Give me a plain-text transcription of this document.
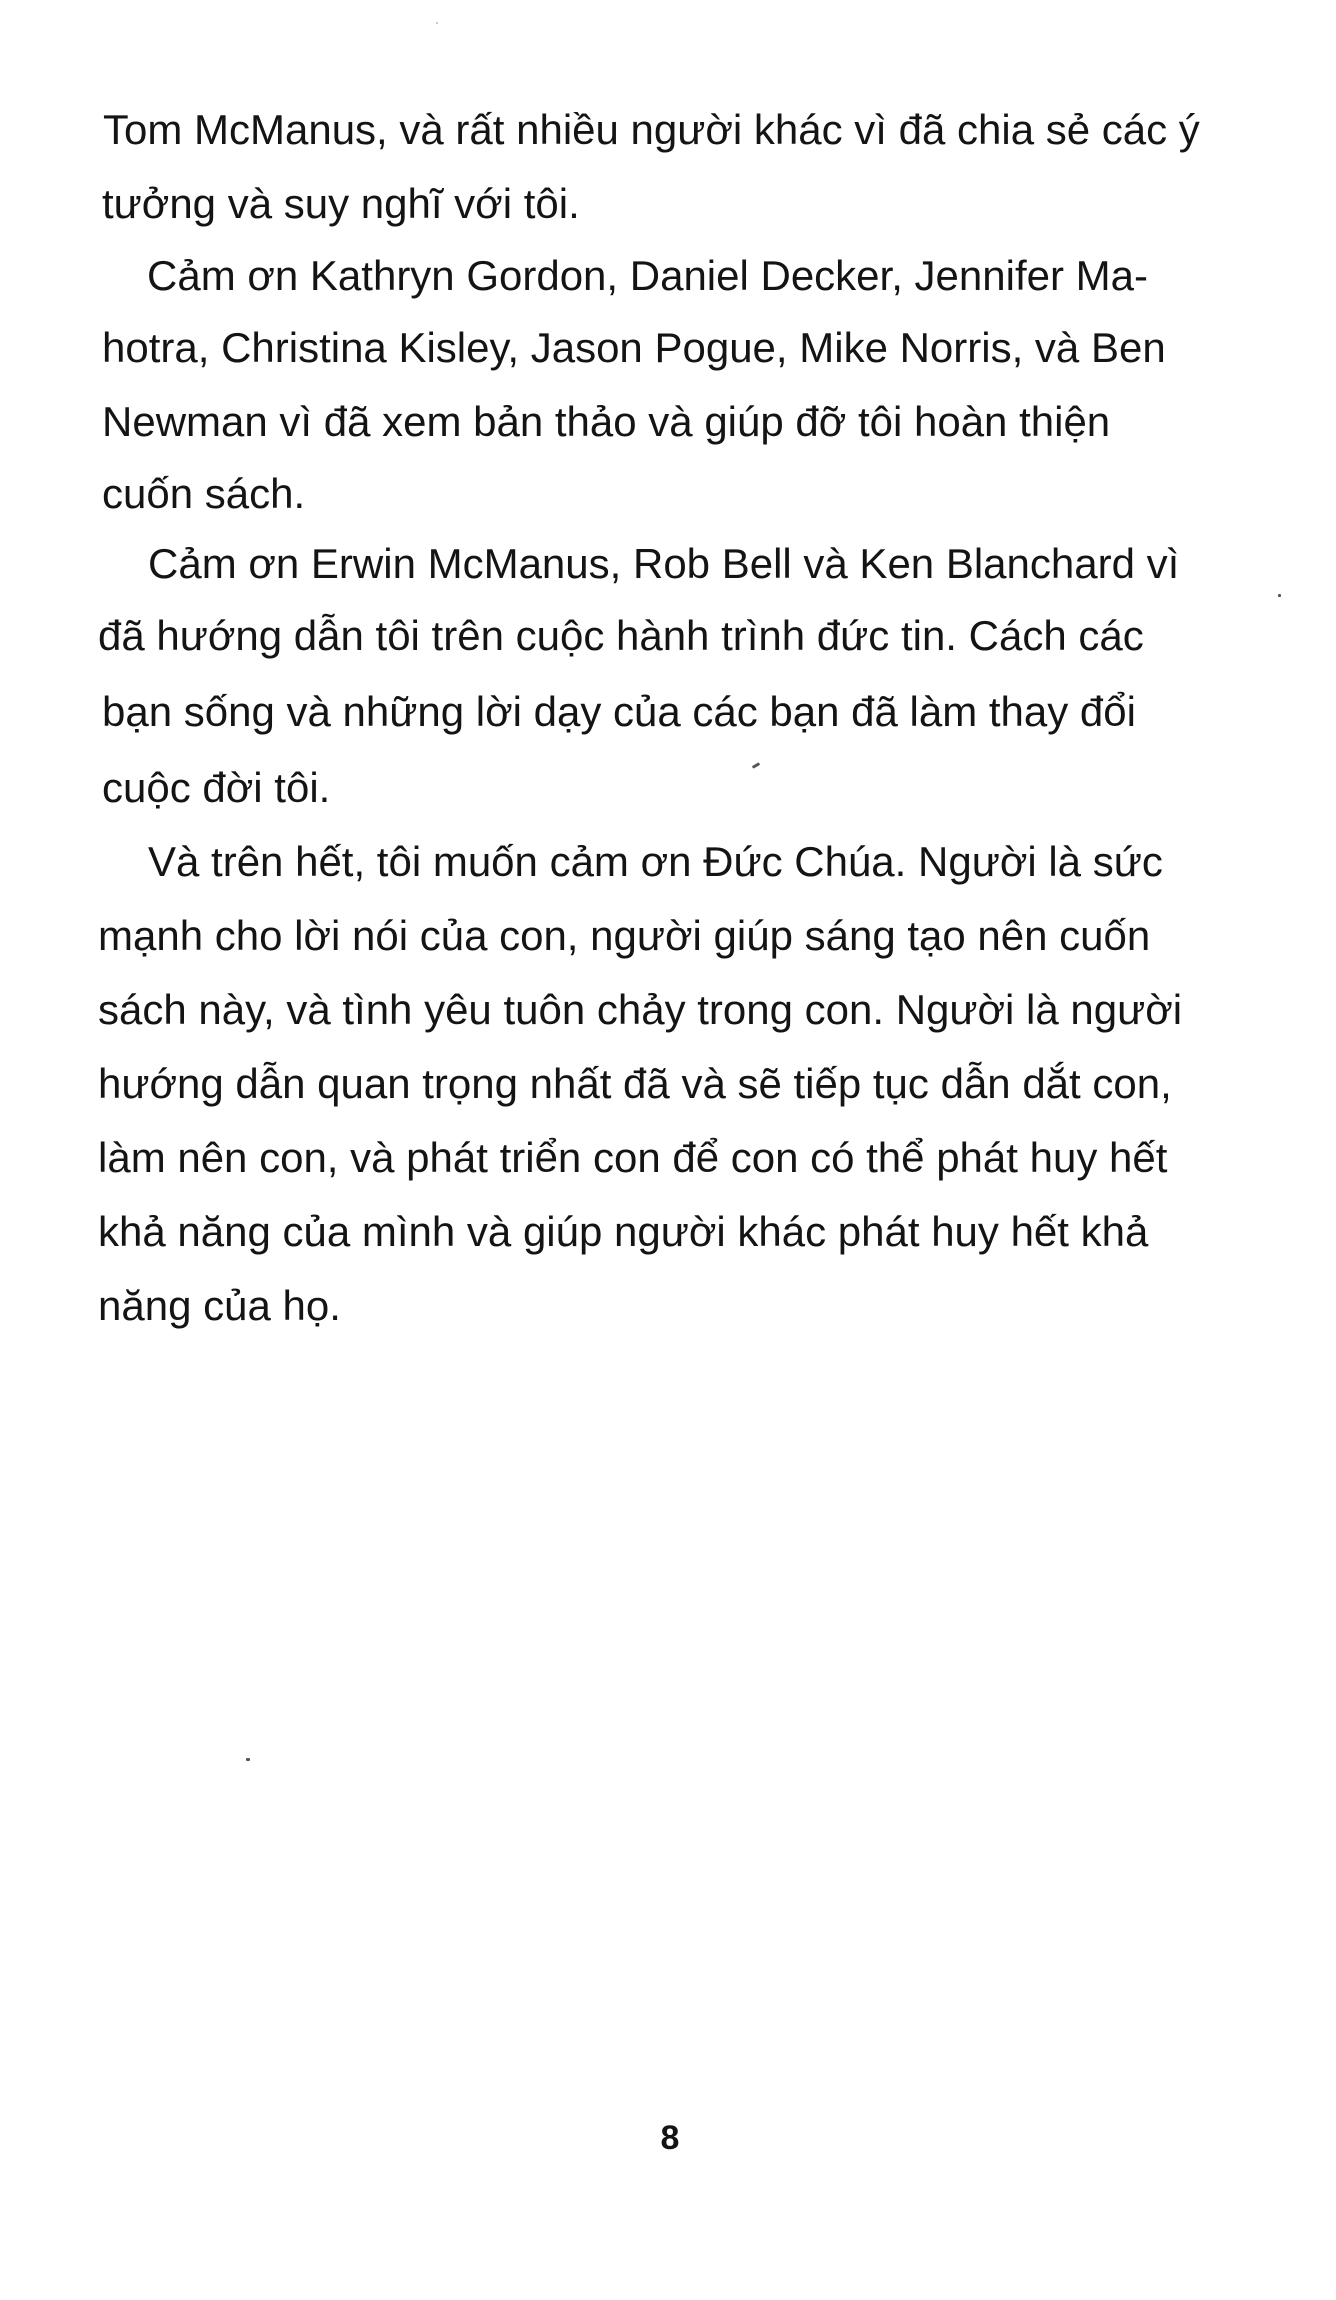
Tom McManus, và rất nhiều người khác vì đã chia sẻ các ý
tưởng và suy nghĩ với tôi.
Cảm ơn Kathryn Gordon, Daniel Decker, Jennifer Ma-
hotra, Christina Kisley, Jason Pogue, Mike Norris, và Ben
Newman vì đã xem bản thảo và giúp đỡ tôi hoàn thiện
cuốn sách.
Cảm ơn Erwin McManus, Rob Bell và Ken Blanchard vì
đã hướng dẫn tôi trên cuộc hành trình đức tin. Cách các
bạn sống và những lời dạy của các bạn đã làm thay đổi
cuộc đời tôi.
Và trên hết, tôi muốn cảm ơn Đức Chúa. Người là sức
mạnh cho lời nói của con, người giúp sáng tạo nên cuốn
sách này, và tình yêu tuôn chảy trong con. Người là người
hướng dẫn quan trọng nhất đã và sẽ tiếp tục dẫn dắt con,
làm nên con, và phát triển con để con có thể phát huy hết
khả năng của mình và giúp người khác phát huy hết khả
năng của họ.
8
